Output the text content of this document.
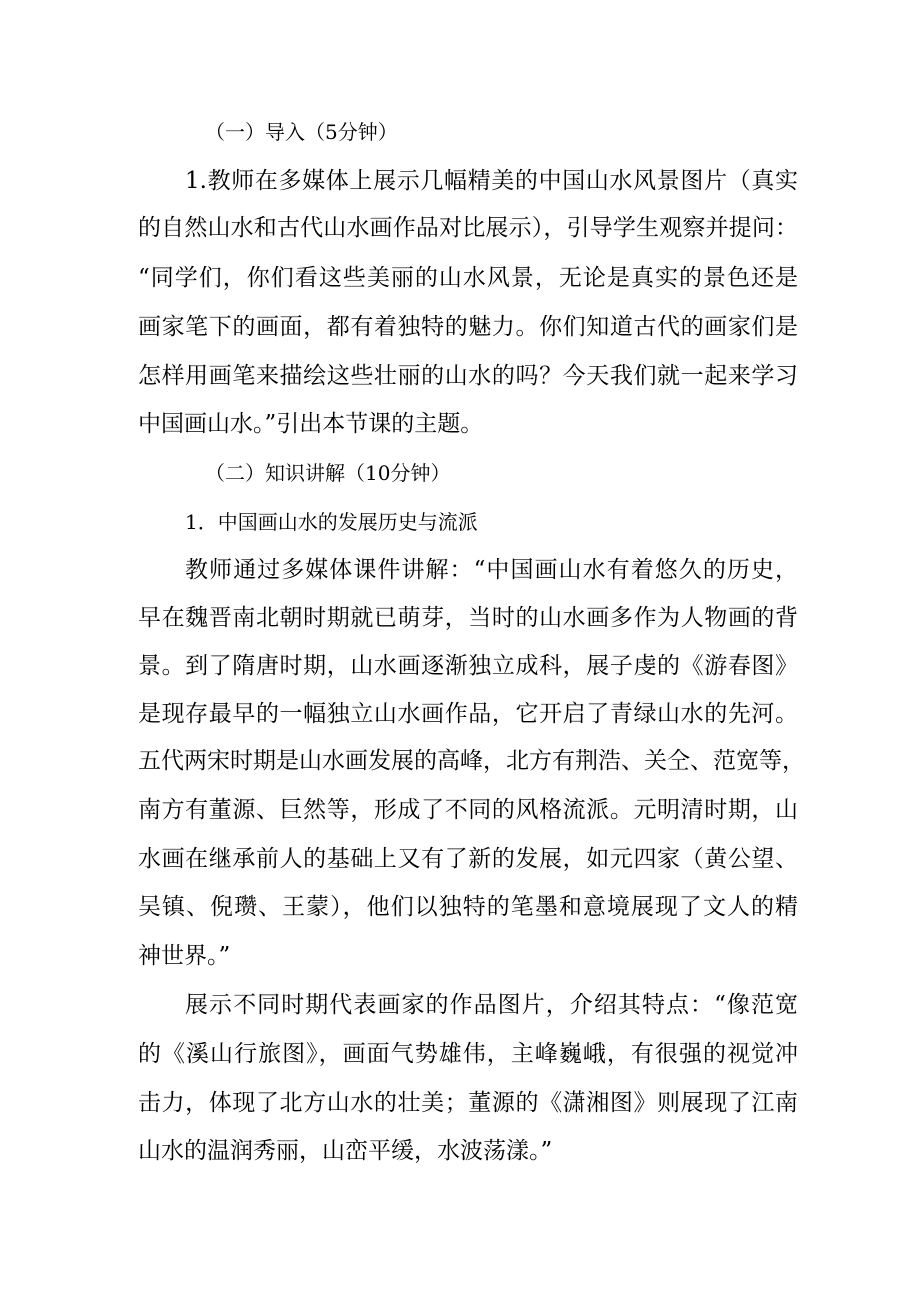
（一）导入（5分钟）
1.教师在多媒体上展示几幅精美的中国山水风景图片（真实
的自然山水和古代山水画作品对比展示），引导学生观察并提问：
“同学们，你们看这些美丽的山水风景，无论是真实的景色还是
画家笔下的画面，都有着独特的魅力。你们知道古代的画家们是
怎样用画笔来描绘这些壮丽的山水的吗？今天我们就一起来学习
中国画山水。”引出本节课的主题。
（二）知识讲解（10分钟）
1．中国画山水的发展历史与流派
教师通过多媒体课件讲解：“中国画山水有着悠久的历史，
早在魏晋南北朝时期就已萌芽，当时的山水画多作为人物画的背
景。到了隋唐时期，山水画逐渐独立成科，展子虔的《游春图》
是现存最早的一幅独立山水画作品，它开启了青绿山水的先河。
五代两宋时期是山水画发展的高峰，北方有荆浩、关仝、范宽等，
南方有董源、巨然等，形成了不同的风格流派。元明清时期，山
水画在继承前人的基础上又有了新的发展，如元四家（黄公望、
吴镇、倪瓒、王蒙），他们以独特的笔墨和意境展现了文人的精
神世界。”
展示不同时期代表画家的作品图片，介绍其特点：“像范宽
的《溪山行旅图》，画面气势雄伟，主峰巍峨，有很强的视觉冲
击力，体现了北方山水的壮美；董源的《潇湘图》则展现了江南
山水的温润秀丽，山峦平缓，水波荡漾。”
